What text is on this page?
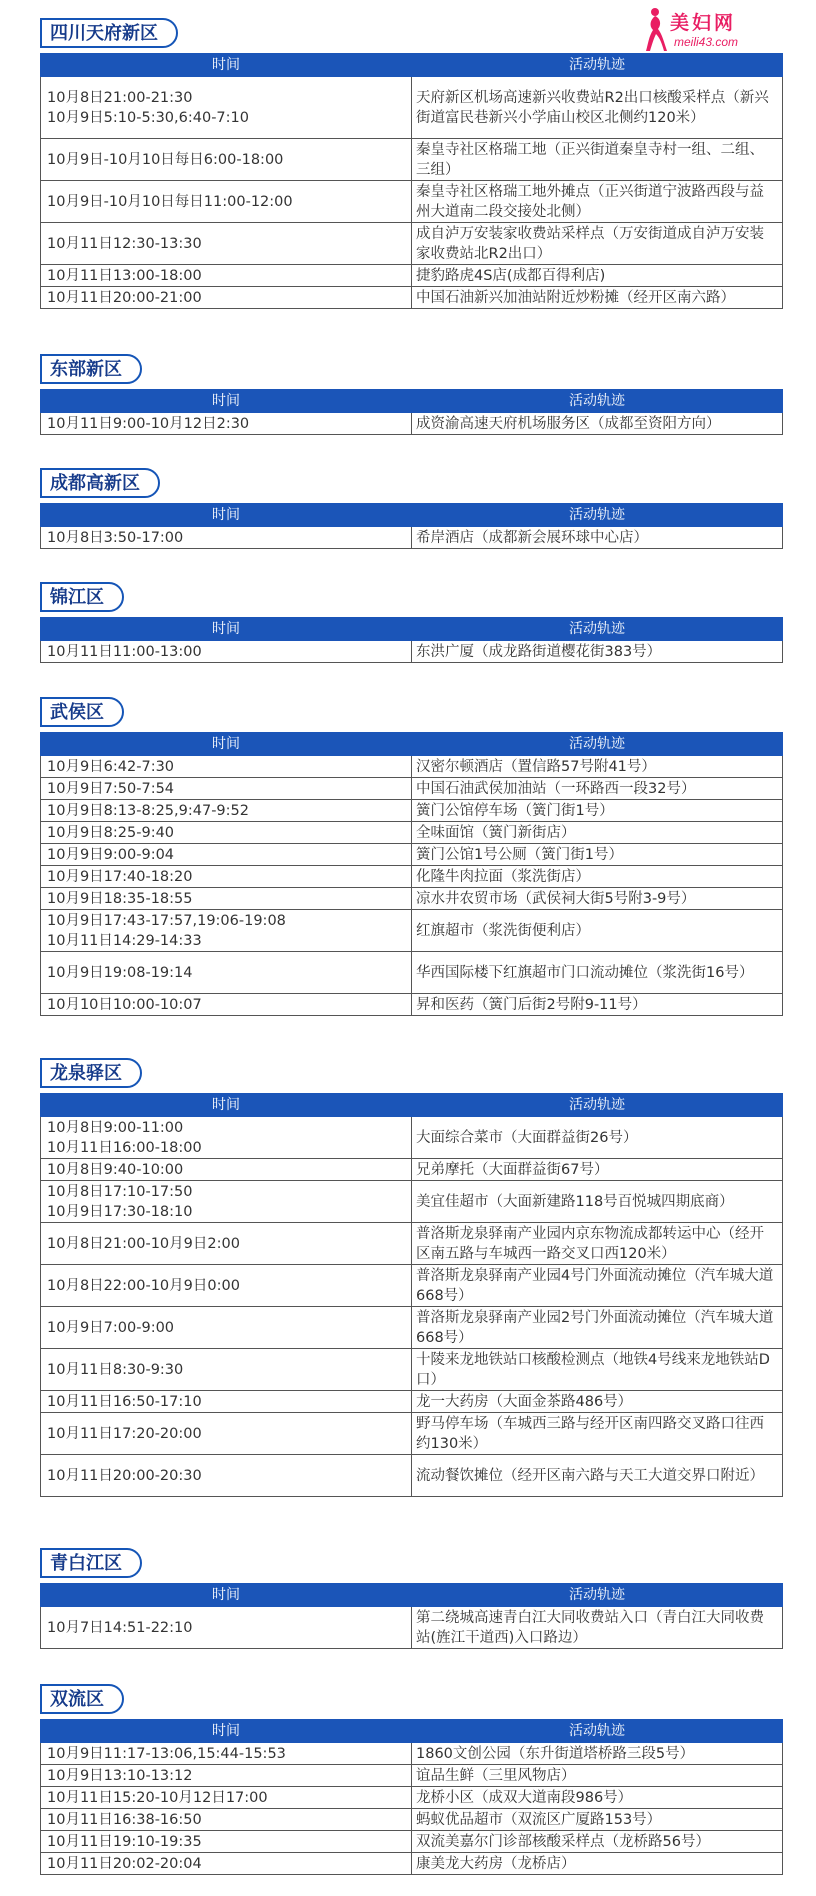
美妇网
meili43.com
四川天府新区
时间	活动轨迹

10月8日21:00-21:30
10月9日5:10-5:30,6:40-7:10	天府新区机场高速新兴收费站R2出口核酸采样点（新兴街道富民巷新兴小学庙山校区北侧约120米）
10月9日-10月10日每日6:00-18:00	秦皇寺社区格瑞工地（正兴街道秦皇寺村一组、二组、三组）
10月9日-10月10日每日11:00-12:00	秦皇寺社区格瑞工地外摊点（正兴街道宁波路西段与益州大道南二段交接处北侧）
10月11日12:30-13:30	成自泸万安装家收费站采样点（万安街道成自泸万安装家收费站北R2出口）
10月11日13:00-18:00	捷豹路虎4S店(成都百得利店)
10月11日20:00-21:00	中国石油新兴加油站附近炒粉摊（经开区南六路）
东部新区
时间	活动轨迹
10月11日9:00-10月12日2:30	成资渝高速天府机场服务区（成都至资阳方向）
成都高新区
时间	活动轨迹
10月8日3:50-17:00	希岸酒店（成都新会展环球中心店）
锦江区
时间	活动轨迹
10月11日11:00-13:00	东洪广厦（成龙路街道樱花街383号）
武侯区
时间	活动轨迹
10月9日6:42-7:30	汉密尔顿酒店（置信路57号附41号）
10月9日7:50-7:54	中国石油武侯加油站（一环路西一段32号）
10月9日8:13-8:25,9:47-9:52	簧门公馆停车场（簧门街1号）
10月9日8:25-9:40	全味面馆（簧门新街店）
10月9日9:00-9:04	簧门公馆1号公厕（簧门街1号）
10月9日17:40-18:20	化隆牛肉拉面（浆洗街店）
10月9日18:35-18:55	凉水井农贸市场（武侯祠大街5号附3-9号）

10月9日17:43-17:57,19:06-19:08
10月11日14:29-14:33	红旗超市（浆洗街便利店）
10月9日19:08-19:14	华西国际楼下红旗超市门口流动摊位（浆洗街16号）
10月10日10:00-10:07	昇和医药（簧门后街2号附9-11号）
龙泉驿区
时间	活动轨迹

10月8日9:00-11:00
10月11日16:00-18:00	大面综合菜市（大面群益街26号）
10月8日9:40-10:00	兄弟摩托（大面群益街67号）

10月8日17:10-17:50
10月9日17:30-18:10	美宜佳超市（大面新建路118号百悦城四期底商）
10月8日21:00-10月9日2:00	普洛斯龙泉驿南产业园内京东物流成都转运中心（经开区南五路与车城西一路交叉口西120米）
10月8日22:00-10月9日0:00	普洛斯龙泉驿南产业园4号门外面流动摊位（汽车城大道668号）
10月9日7:00-9:00	普洛斯龙泉驿南产业园2号门外面流动摊位（汽车城大道668号）
10月11日8:30-9:30	十陵来龙地铁站口核酸检测点（地铁4号线来龙地铁站D口）
10月11日16:50-17:10	龙一大药房（大面金茶路486号）
10月11日17:20-20:00	野马停车场（车城西三路与经开区南四路交叉路口往西约130米）
10月11日20:00-20:30	流动餐饮摊位（经开区南六路与天工大道交界口附近）
青白江区
时间	活动轨迹
10月7日14:51-22:10	第二绕城高速青白江大同收费站入口（青白江大同收费站(旌江干道西)入口路边）
双流区
时间	活动轨迹
10月9日11:17-13:06,15:44-15:53	1860文创公园（东升街道塔桥路三段5号）
10月9日13:10-13:12	谊品生鲜（三里风物店）
10月11日15:20-10月12日17:00	龙桥小区（成双大道南段986号）
10月11日16:38-16:50	蚂蚁优品超市（双流区广厦路153号）
10月11日19:10-19:35	双流美嘉尔门诊部核酸采样点（龙桥路56号）
10月11日20:02-20:04	康美龙大药房（龙桥店）
